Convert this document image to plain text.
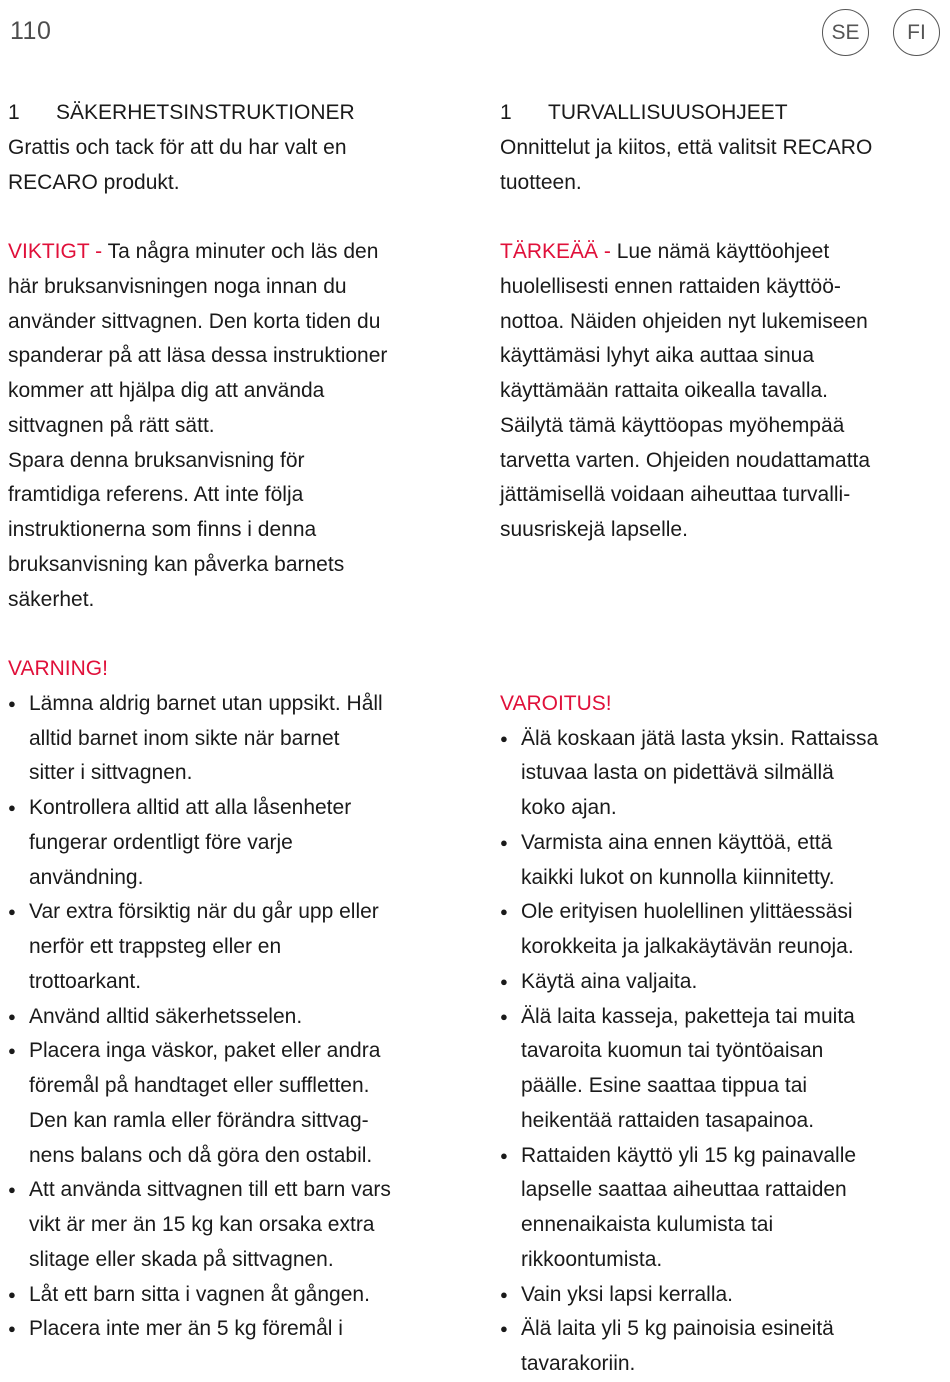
110	SE	FI
1 SÄKERHETSINSTRUKTIONER
Grattis och tack för att du har valt en
RECARO produkt.
VIKTIGT - Ta några minuter och läs den
här bruksanvisningen noga innan du
använder sittvagnen. Den korta tiden du
spanderar på att läsa dessa instruktioner
kommer att hjälpa dig att använda
sittvagnen på rätt sätt.
Spara denna bruksanvisning för
framtidiga referens. Att inte följa
instruktionerna som finns i denna
bruksanvisning kan påverka barnets
säkerhet.
VARNING!
● Lämna aldrig barnet utan uppsikt. Håll
alltid barnet inom sikte när barnet
sitter i sittvagnen.
● Kontrollera alltid att alla låsenheter
fungerar ordentligt före varje
användning.
● Var extra försiktig när du går upp eller
nerför ett trappsteg eller en
trottoarkant.
● Använd alltid säkerhetsselen.
● Placera inga väskor, paket eller andra
föremål på handtaget eller suffletten.
Den kan ramla eller förändra sittvag-
nens balans och då göra den ostabil.
● Att använda sittvagnen till ett barn vars
vikt är mer än 15 kg kan orsaka extra
slitage eller skada på sittvagnen.
● Låt ett barn sitta i vagnen åt gången.
● Placera inte mer än 5 kg föremål i
1 TURVALLISUUSOHJEET
Onnittelut ja kiitos, että valitsit RECARO
tuotteen.
TÄRKEÄÄ - Lue nämä käyttöohjeet
huolellisesti ennen rattaiden käyttöö-
nottoa. Näiden ohjeiden nyt lukemiseen
käyttämäsi lyhyt aika auttaa sinua
käyttämään rattaita oikealla tavalla.
Säilytä tämä käyttöopas myöhempää
tarvetta varten. Ohjeiden noudattamatta
jättämisellä voidaan aiheuttaa turvalli-
suusriskejä lapselle.
VAROITUS!
● Älä koskaan jätä lasta yksin. Rattaissa
istuvaa lasta on pidettävä silmällä
koko ajan.
● Varmista aina ennen käyttöä, että
kaikki lukot on kunnolla kiinnitetty.
● Ole erityisen huolellinen ylittäessäsi
korokkeita ja jalkakäytävän reunoja.
● Käytä aina valjaita.
● Älä laita kasseja, paketteja tai muita
tavaroita kuomun tai työntöaisan
päälle. Esine saattaa tippua tai
heikentää rattaiden tasapainoa.
● Rattaiden käyttö yli 15 kg painavalle
lapselle saattaa aiheuttaa rattaiden
ennenaikaista kulumista tai
rikkoontumista.
● Vain yksi lapsi kerralla.
● Älä laita yli 5 kg painoisia esineitä
tavarakoriin.
